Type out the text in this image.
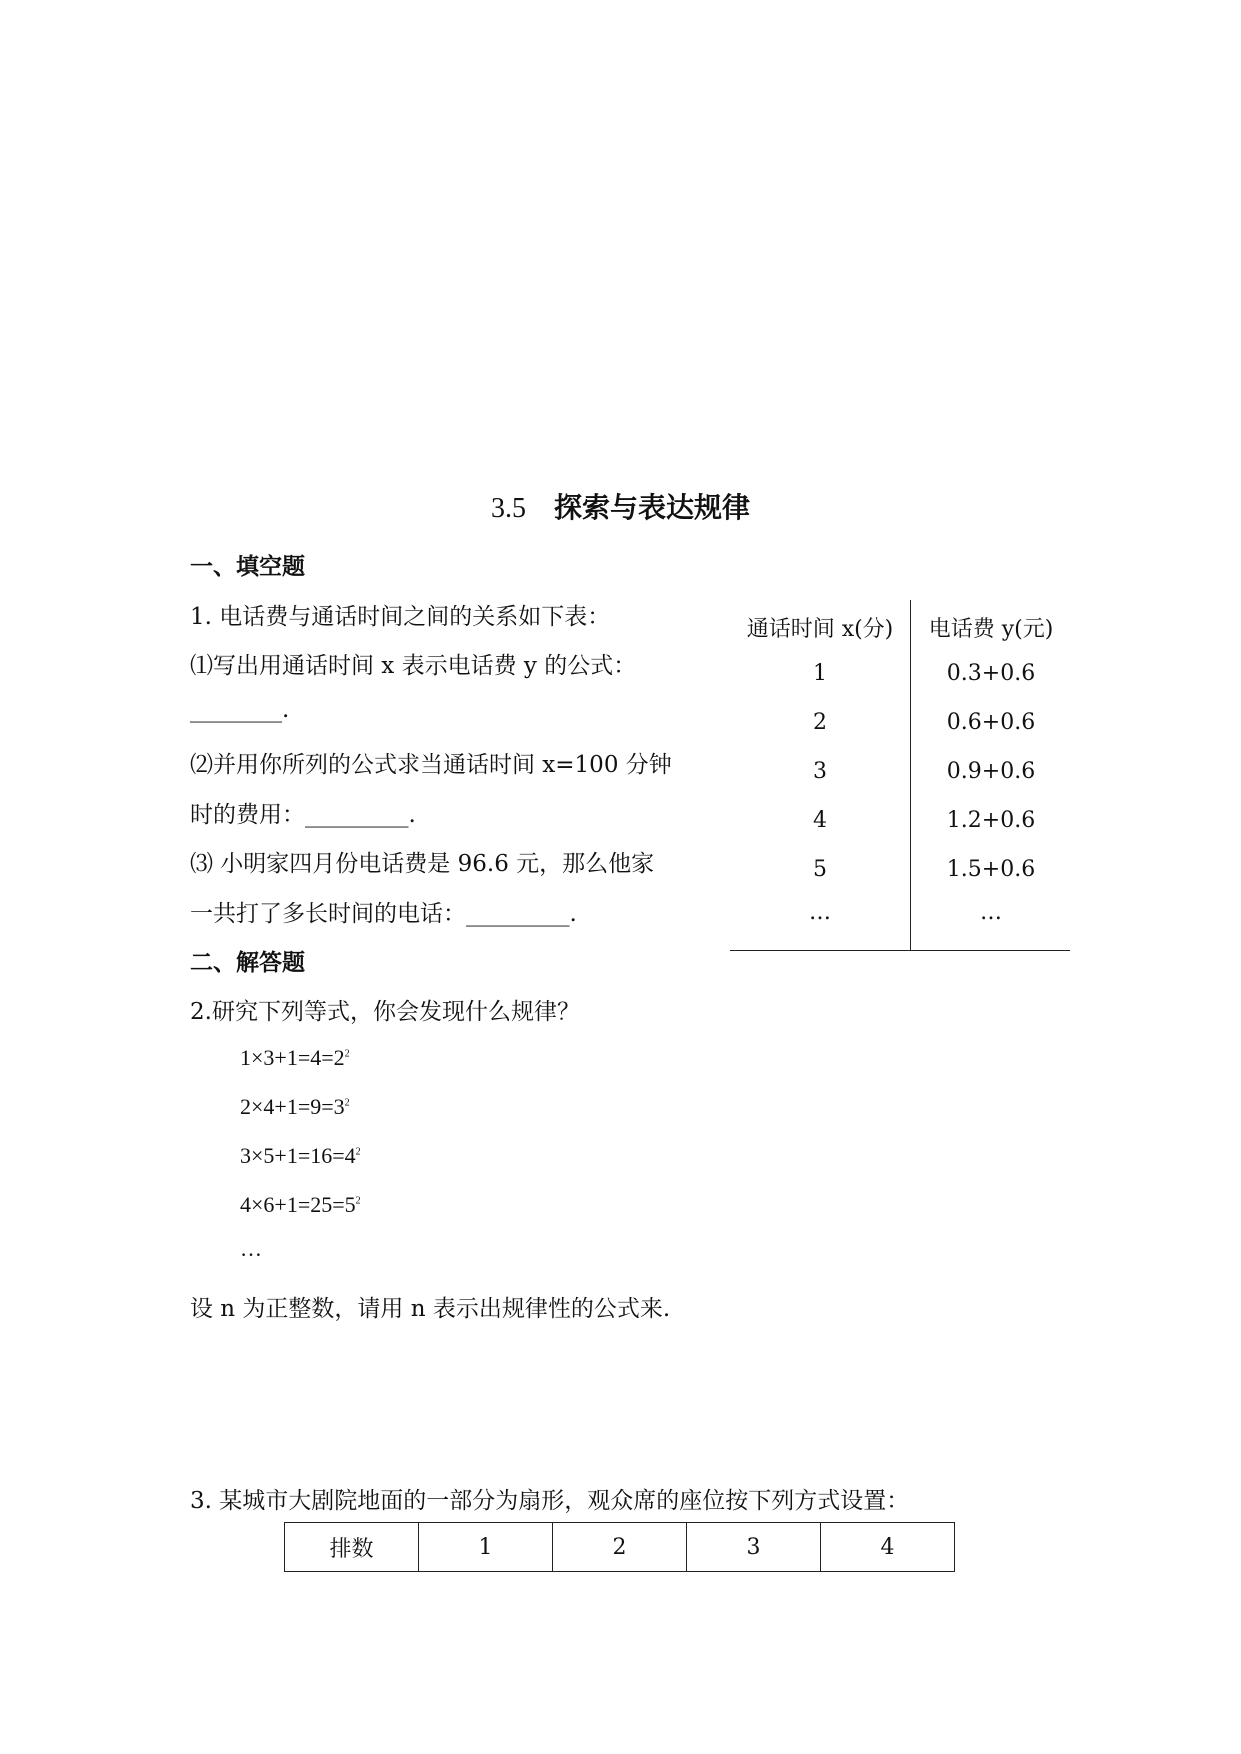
3.5 探索与表达规律
一、填空题
1. 电话费与通话时间之间的关系如下表：
⑴写出用通话时间 x 表示电话费 y 的公式：
________.
⑵并用你所列的公式求当通话时间 x=100 分钟
时的费用：_________.
⑶ 小明家四月份电话费是 96.6 元，那么他家
一共打了多长时间的电话：_________.
通话时间 x(分)	电话费 y(元)
1	0.3+0.6
2	0.6+0.6
3	0.9+0.6
4	1.2+0.6
5	1.5+0.6
…	…
二、解答题
2.研究下列等式，你会发现什么规律？
$1\times 3+1=4=2^2$
$2\times 4+1=9=3^2$
$3\times 5+1=16=4^2$
$4\times 6+1=25=5^2$
…
设 n 为正整数，请用 n 表示出规律性的公式来.
3. 某城市大剧院地面的一部分为扇形，观众席的座位按下列方式设置：
排数	1	2	3	4
